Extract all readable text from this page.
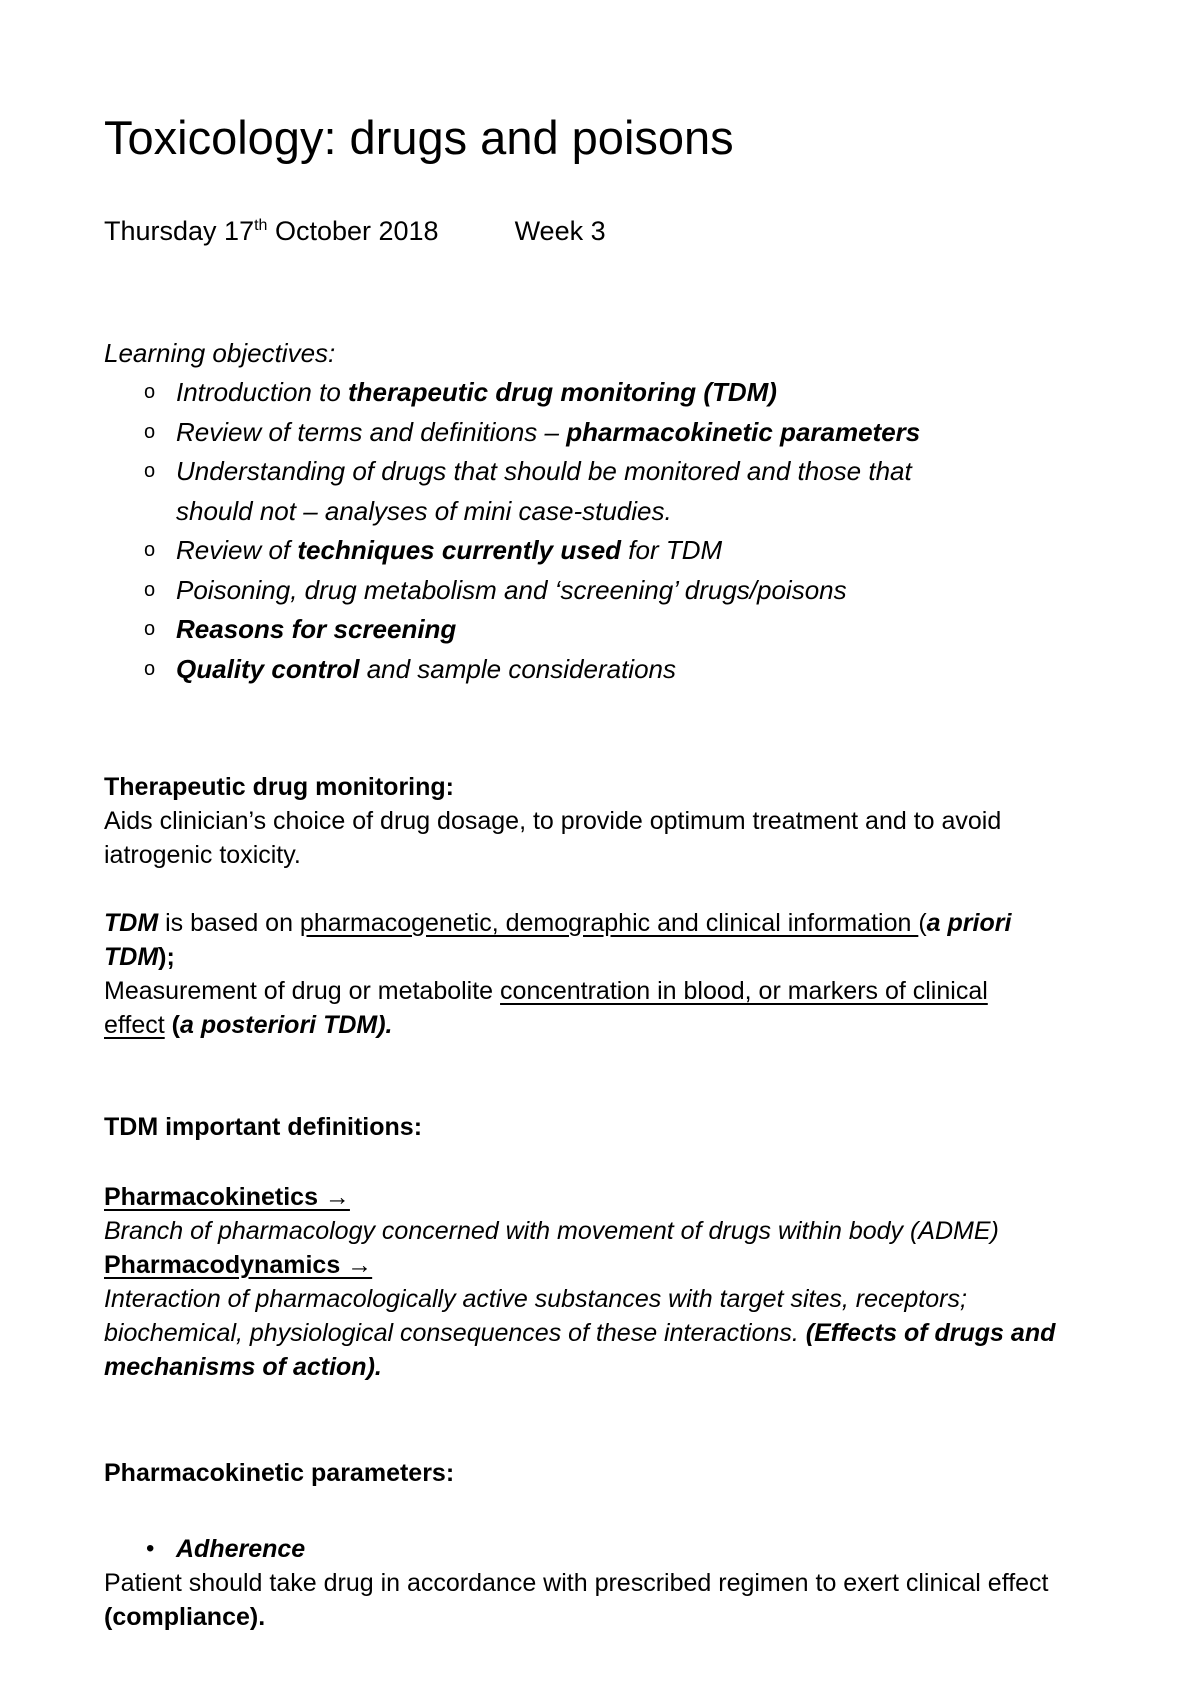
Toxicology: drugs and poisons
Thursday 17th October 2018	Week 3
Learning objectives:
o Introduction to therapeutic drug monitoring (TDM)
o Review of terms and definitions – pharmacokinetic parameters
o Understanding of drugs that should be monitored and those that
should not – analyses of mini case-studies.
o Review of techniques currently used for TDM
o Poisoning, drug metabolism and ‘screening’ drugs/poisons
o Reasons for screening
o Quality control and sample considerations
Therapeutic drug monitoring:
Aids clinician’s choice of drug dosage, to provide optimum treatment and to avoid
iatrogenic toxicity.
TDM is based on pharmacogenetic, demographic and clinical information (a priori
TDM);
Measurement of drug or metabolite concentration in blood, or markers of clinical
effect (a posteriori TDM).
TDM important definitions:
Pharmacokinetics →
Branch of pharmacology concerned with movement of drugs within body (ADME)
Pharmacodynamics →
Interaction of pharmacologically active substances with target sites, receptors;
biochemical, physiological consequences of these interactions. (Effects of drugs and
mechanisms of action).
Pharmacokinetic parameters:
• Adherence
Patient should take drug in accordance with prescribed regimen to exert clinical effect
(compliance).
